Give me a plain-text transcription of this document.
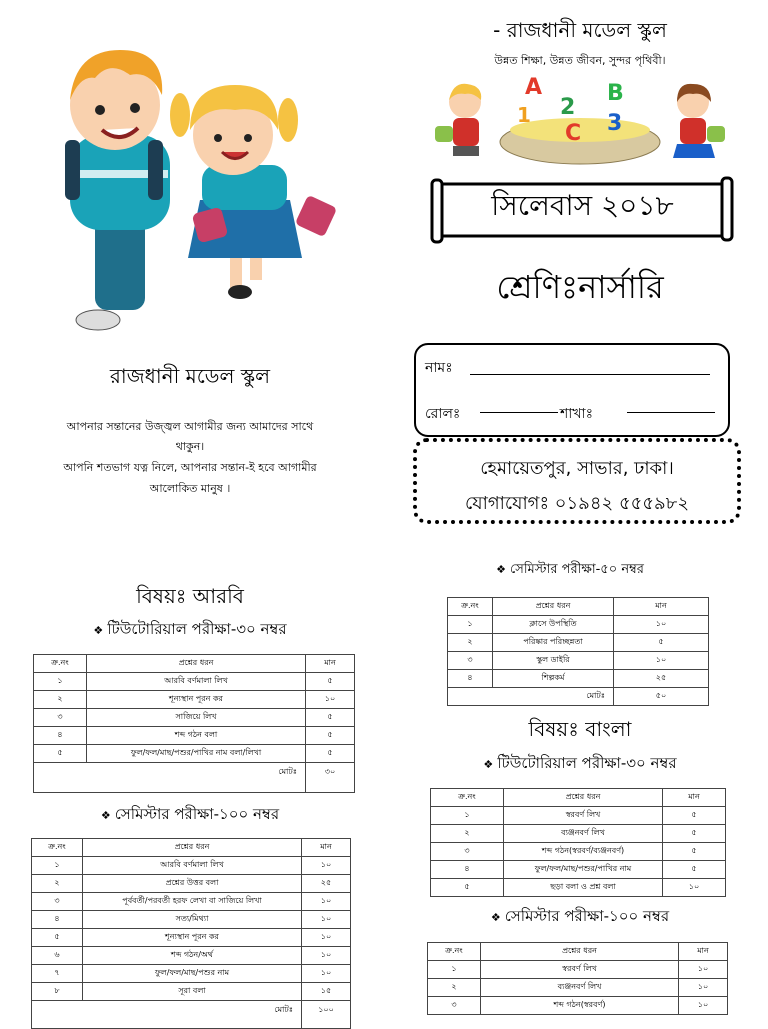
রাজধানী মডেল স্কুল
আপনার সন্তানের উজ্জ্বল আগামীর জন্য আমাদের সাথে
থাকুন।
আপনি শতভাগ যত্ন নিলে, আপনার সন্তান-ই হবে আগামীর
আলোকিত মানুষ ।
- রাজধানী মডেল স্কুল
উন্নত শিক্ষা, উন্নত জীবন, সুন্দর পৃথিবী।
A	B
1 2
C 3
সিলেবাস ২০১৮
শ্রেণিঃনার্সারি
নামঃ
রোলঃ	শাখাঃ
হেমায়েতপুর, সাভার, ঢাকা।
যোগাযোগঃ ০১৯৪২ ৫৫৫৯৮২
বিষয়ঃ আরবি
❖ টিউটোরিয়াল পরীক্ষা-৩০ নম্বর
ক্র.নং	প্রশ্নের ধরন	মান
১	আরবি বর্ণমালা লিখ	৫
২	শূন্যস্থান পূরন কর	১০
৩	সাজিয়ে লিখ	৫
৪	শব্দ গঠন বলা	৫
৫	ফুল/ফল/মাছ/পশুর/পাখির নাম বলা/লিখা	৫
মোটঃ		৩০
❖ সেমিস্টার পরীক্ষা-১০০ নম্বর
ক্র.নং	প্রশ্নের ধরন	মান
১	আরবি বর্ণমালা লিখ	১০
২	প্রশ্নের উত্তর বলা	২৫
৩	পূর্ববর্তী/পরবর্তী হরফ লেখা বা সাজিয়ে লিখা	১০
৪	সত্য/মিথ্যা	১০
৫	শূন্যস্থান পূরন কর	১০
৬	শব্দ গঠন/অর্থ	১০
৭	ফুল/ফল/মাছ/পশুর নাম	১০
৮	সূরা বলা	১৫
মোটঃ		১০০
❖ সেমিস্টার পরীক্ষা-৫০ নম্বর
ক্র.নং	প্রশ্নের ধরন	মান
১	ক্লাসে উপস্থিতি	১০
২	পরিষ্কার পরিচ্ছন্নতা	৫
৩	স্কুল ডাইরি	১০
৪	শিল্পকর্ম	২৫
মোটঃ		৫০
বিষয়ঃ বাংলা
❖ টিউটোরিয়াল পরীক্ষা-৩০ নম্বর
ক্র.নং	প্রশ্নের ধরন	মান
১	স্বরবর্ণ লিখ	৫
২	ব্যঞ্জনবর্ণ লিখ	৫
৩	শব্দ গঠন(স্বরবর্ণ/ব্যঞ্জনবর্ণ)	৫
৪	ফুল/ফল/মাছ/পশুর/পাখির নাম	৫
৫	ছড়া বলা ও প্রশ্ন বলা	১০
❖ সেমিস্টার পরীক্ষা-১০০ নম্বর
ক্র.নং	প্রশ্নের ধরন	মান
১	স্বরবর্ণ লিখ	১০
২	ব্যঞ্জনবর্ণ লিখ	১০
৩	শব্দ গঠন(স্বরবর্ণ)	১০
